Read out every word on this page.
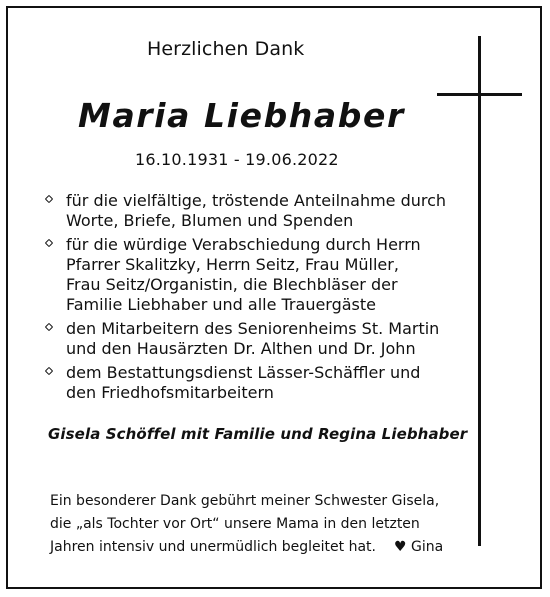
Herzlichen Dank
Maria Liebhaber
16.10.1931 - 19.06.2022
für die vielfältige, tröstende Anteilnahme durch
Worte, Briefe, Blumen und Spenden
für die würdige Verabschiedung durch Herrn
Pfarrer Skalitzky, Herrn Seitz, Frau Müller,
Frau Seitz/Organistin, die Blechbläser der
Familie Liebhaber und alle Trauergäste
den Mitarbeitern des Seniorenheims St. Martin
und den Hausärzten Dr. Althen und Dr. John
dem Bestattungsdienst Lässer-Schäffler und
den Friedhofsmitarbeitern
Gisela Schöffel mit Familie und Regina Liebhaber
Ein besonderer Dank gebührt meiner Schwester Gisela,
die „als Tochter vor Ort“ unsere Mama in den letzten
Jahren intensiv und unermüdlich begleitet hat. ♥ Gina
